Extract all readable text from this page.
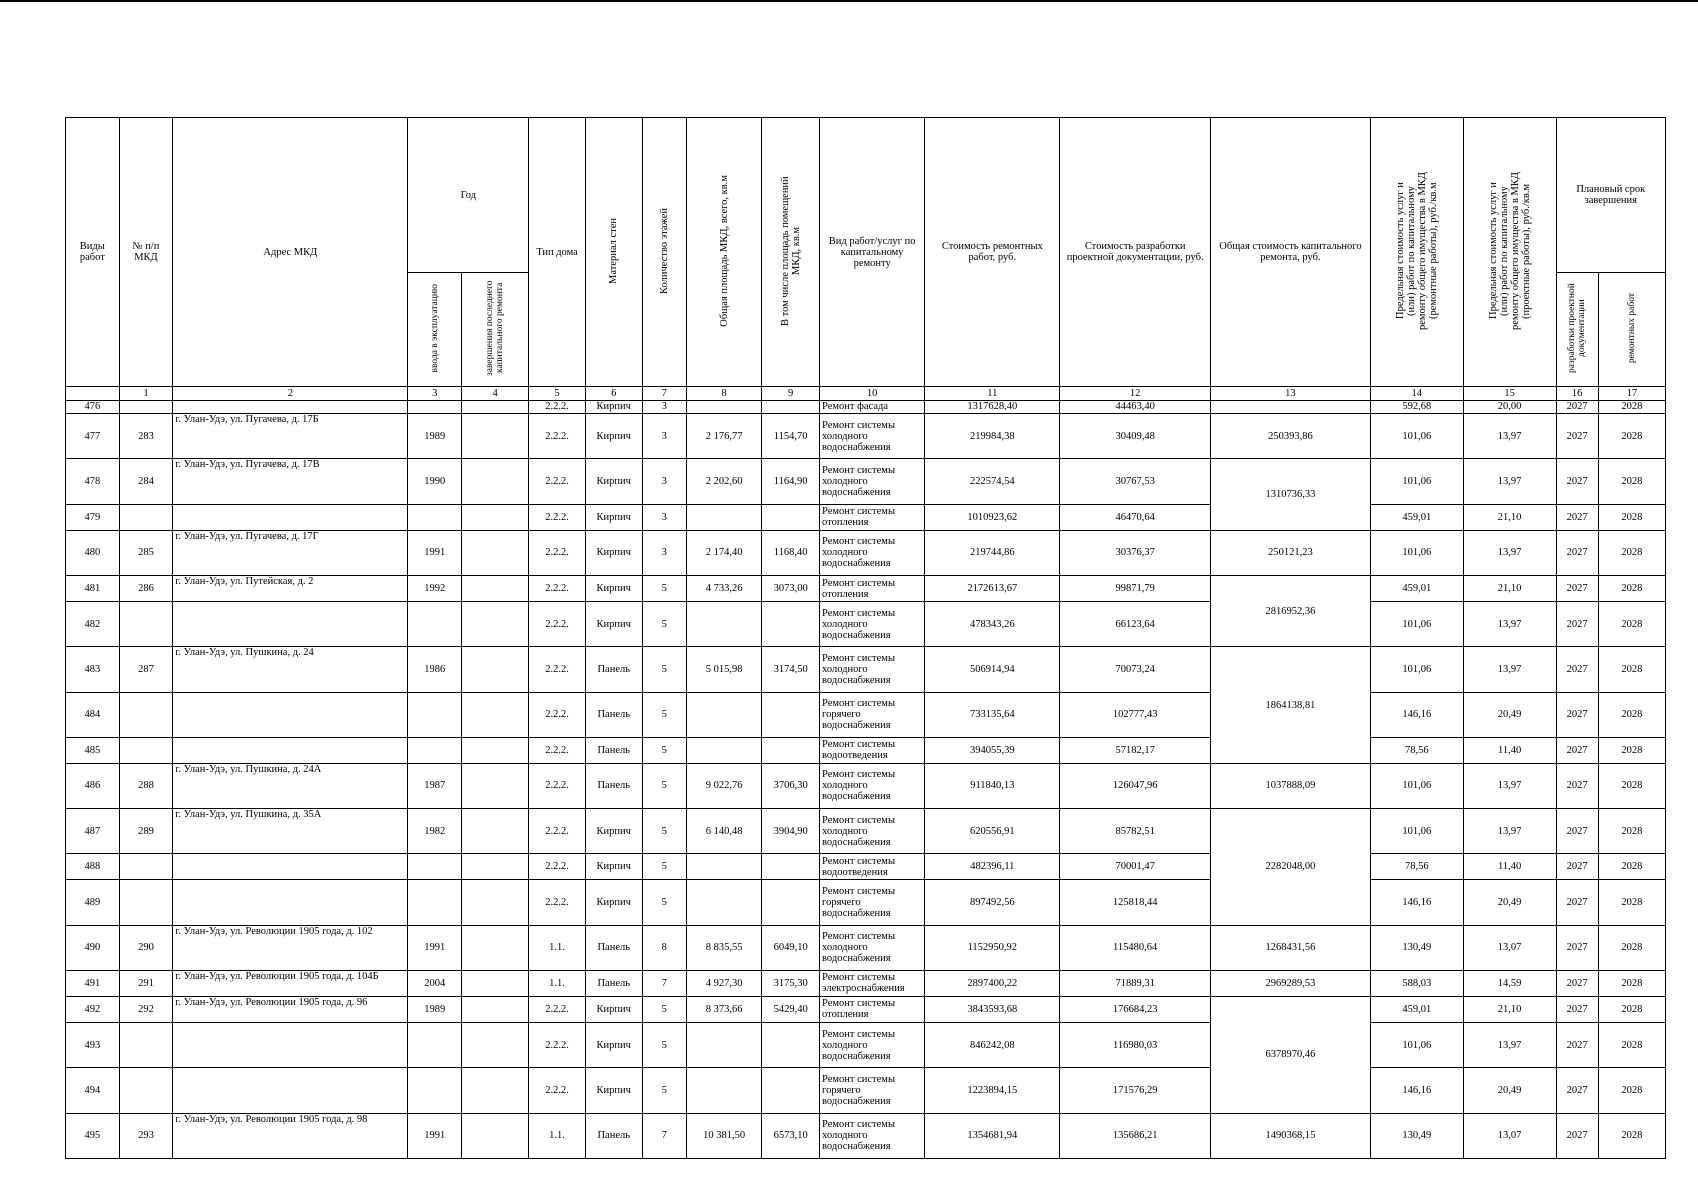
Виды работ	№ п/п МКД	Адрес МКД	Год		Тип дома	Материал стен	Количество этажей	Общая площадь МКД, всего, кв.м	В том числе площадь помещений МКД, кв.м	Вид работ/услуг по капитальному ремонту	Стоимость ремонтных работ, руб.	Стоимость разработки проектной документации, руб.	Общая стоимость капитального ремонта, руб.	Предельная стоимость услуг и (или) работ по капитальному ремонту общего имущества в МКД (ремонтные работы), руб./кв.м	Предельная стоимость услуг и (или) работ по капитальному ремонту общего имущества в МКД (проектные работы), руб./кв.м	Плановый срок завершения	
			ввода в эксплуатацию	завершения последнего капитального ремонта												разработки проектной документации	ремонтных работ
	1	2	3	4	5	6	7	8	9	10	11	12	13	14	15	16	17
476					2.2.2.	Кирпич	3			Ремонт фасада	1317628,40	44463,40		592,68	20,00	2027	2028
477	283	г. Улан-Удэ, ул. Пугачева, д. 17Б	1989		2.2.2.	Кирпич	3	2 176,77	1154,70	Ремонт системы холодного водоснабжения	219984,38	30409,48	250393,86	101,06	13,97	2027	2028
478	284	г. Улан-Удэ, ул. Пугачева, д. 17В	1990		2.2.2.	Кирпич	3	2 202,60	1164,90	Ремонт системы холодного водоснабжения	222574,54	30767,53	1310736,33	101,06	13,97	2027	2028
479					2.2.2.	Кирпич	3			Ремонт системы отопления	1010923,62	46470,64		459,01	21,10	2027	2028
480	285	г. Улан-Удэ, ул. Пугачева, д. 17Г	1991		2.2.2.	Кирпич	3	2 174,40	1168,40	Ремонт системы холодного водоснабжения	219744,86	30376,37	250121,23	101,06	13,97	2027	2028
481	286	г. Улан-Удэ, ул. Путейская, д. 2	1992		2.2.2.	Кирпич	5	4 733,26	3073,00	Ремонт системы отопления	2172613,67	99871,79	2816952,36	459,01	21,10	2027	2028
482					2.2.2.	Кирпич	5			Ремонт системы холодного водоснабжения	478343,26	66123,64		101,06	13,97	2027	2028
483	287	г. Улан-Удэ, ул. Пушкина, д. 24	1986		2.2.2.	Панель	5	5 015,98	3174,50	Ремонт системы холодного водоснабжения	506914,94	70073,24	1864138,81	101,06	13,97	2027	2028
484					2.2.2.	Панель	5			Ремонт системы горячего водоснабжения	733135,64	102777,43		146,16	20,49	2027	2028
485					2.2.2.	Панель	5			Ремонт системы водоотведения	394055,39	57182,17		78,56	11,40	2027	2028
486	288	г. Улан-Удэ, ул. Пушкина, д. 24А	1987		2.2.2.	Панель	5	9 022,76	3706,30	Ремонт системы холодного водоснабжения	911840,13	126047,96	1037888,09	101,06	13,97	2027	2028
487	289	г. Улан-Удэ, ул. Пушкина, д. 35А	1982		2.2.2.	Кирпич	5	6 140,48	3904,90	Ремонт системы холодного водоснабжения	620556,91	85782,51	2282048,00	101,06	13,97	2027	2028
488					2.2.2.	Кирпич	5			Ремонт системы водоотведения	482396,11	70001,47		78,56	11,40	2027	2028
489					2.2.2.	Кирпич	5			Ремонт системы горячего водоснабжения	897492,56	125818,44		146,16	20,49	2027	2028
490	290	г. Улан-Удэ, ул. Революции 1905 года, д. 102	1991		1.1.	Панель	8	8 835,55	6049,10	Ремонт системы холодного водоснабжения	1152950,92	115480,64	1268431,56	130,49	13,07	2027	2028
491	291	г. Улан-Удэ, ул. Революции 1905 года, д. 104Б	2004		1.1.	Панель	7	4 927,30	3175,30	Ремонт системы электроснабжения	2897400,22	71889,31	2969289,53	588,03	14,59	2027	2028
492	292	г. Улан-Удэ, ул. Революции 1905 года, д. 96	1989		2.2.2.	Кирпич	5	8 373,66	5429,40	Ремонт системы отопления	3843593,68	176684,23	6378970,46	459,01	21,10	2027	2028
493					2.2.2.	Кирпич	5			Ремонт системы холодного водоснабжения	846242,08	116980,03		101,06	13,97	2027	2028
494					2.2.2.	Кирпич	5			Ремонт системы горячего водоснабжения	1223894,15	171576,29		146,16	20,49	2027	2028
495	293	г. Улан-Удэ, ул. Революции 1905 года, д. 98	1991		1.1.	Панель	7	10 381,50	6573,10	Ремонт системы холодного водоснабжения	1354681,94	135686,21	1490368,15	130,49	13,07	2027	2028
